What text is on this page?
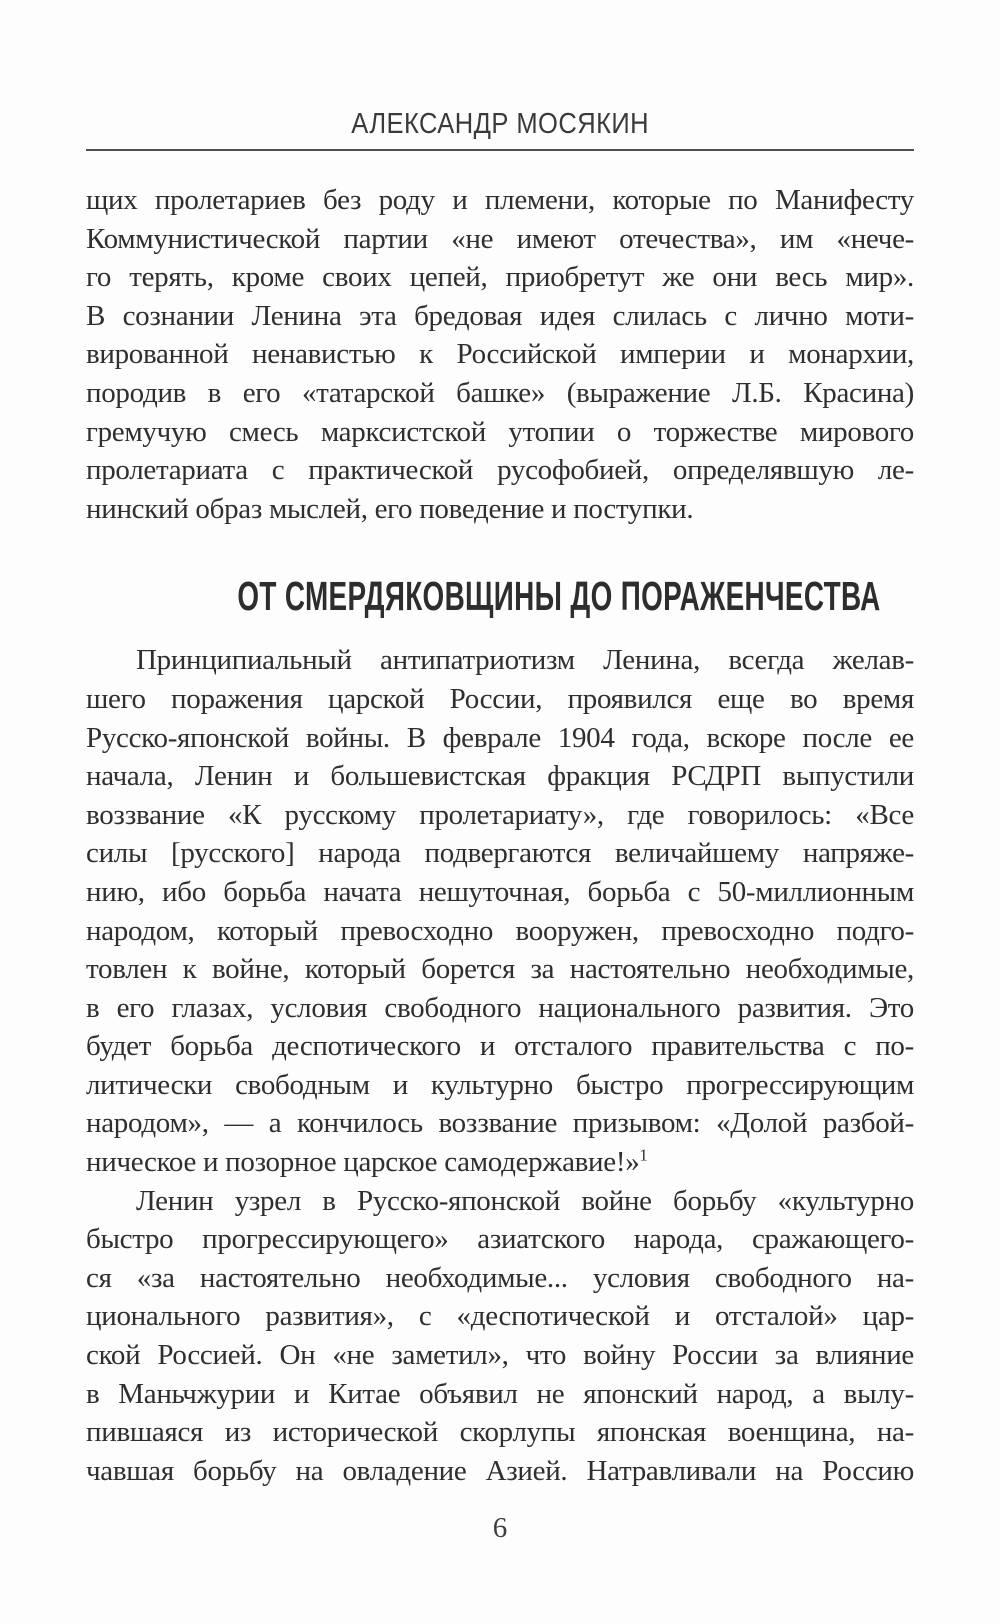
АЛЕКСАНДР МОСЯКИН
щих пролетариев без роду и племени, которые по Манифесту
Коммунистической партии «не имеют отечества», им «нече-
го терять, кроме своих цепей, приобретут же они весь мир».
В сознании Ленина эта бредовая идея слилась с лично моти-
вированной ненавистью к Российской империи и монархии,
породив в его «татарской башке» (выражение Л.Б. Красина)
гремучую смесь марксистской утопии о торжестве мирового
пролетариата с практической русофобией, определявшую ле-
нинский образ мыслей, его поведение и поступки.
ОТ СМЕРДЯКОВЩИНЫ ДО ПОРАЖЕНЧЕСТВА
Принципиальный антипатриотизм Ленина, всегда желав-
шего поражения царской России, проявился еще во время
Русско-японской войны. В феврале 1904 года, вскоре после ее
начала, Ленин и большевистская фракция РСДРП выпустили
воззвание «К русскому пролетариату», где говорилось: «Все
силы [русского] народа подвергаются величайшему напряже-
нию, ибо борьба начата нешуточная, борьба с 50-миллионным
народом, который превосходно вооружен, превосходно подго-
товлен к войне, который борется за настоятельно необходимые,
в его глазах, условия свободного национального развития. Это
будет борьба деспотического и отсталого правительства с по-
литически свободным и культурно быстро прогрессирующим
народом», — а кончилось воззвание призывом: «Долой разбой-
ническое и позорное царское самодержавие!»$^1$
Ленин узрел в Русско-японской войне борьбу «культурно
быстро прогрессирующего» азиатского народа, сражающего-
ся «за настоятельно необходимые... условия свободного на-
ционального развития», с «деспотической и отсталой» цар-
ской Россией. Он «не заметил», что войну России за влияние
в Маньчжурии и Китае объявил не японский народ, а вылу-
пившаяся из исторической скорлупы японская военщина, на-
чавшая борьбу на овладение Азией. Натравливали на Россию
6
